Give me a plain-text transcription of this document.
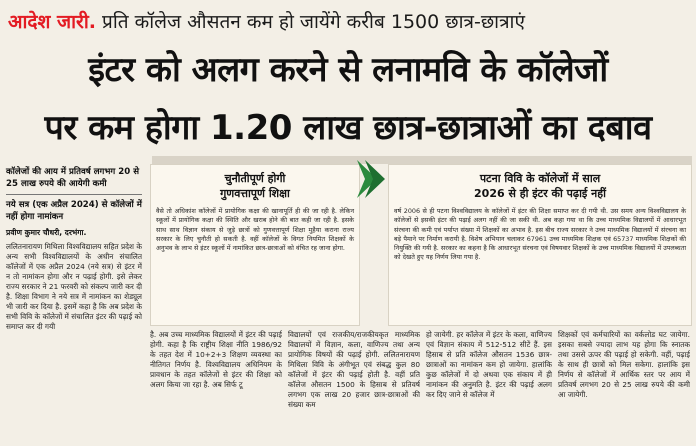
आदेश जारी. प्रति कॉलेज औसतन कम हो जायेंगे करीब 1500 छात्र-छात्राएं
इंटर को अलग करने से लनामवि के कॉलेजों
पर कम होगा 1.20 लाख छात्र-छात्राओं का दबाव
कॉलेजों की आय में प्रतिवर्ष लगभग 20 से 25 लाख रुपये की आयेगी कमी
नये सत्र (एक अप्रैल 2024) से कॉलेजों में नहीं होगा नामांकन
प्रवीण कुमार चौधरी, दरभंगा.
ललितनारायण मिथिला विश्वविद्यालय सहित प्रदेश के अन्य सभी विश्वविद्यालयों के अधीन संचालित कॉलेजों में एक अप्रैल 2024 (नये सत्र) से इंटर में न तो नामांकन होगा और न पढ़ाई होगी. इसे लेकर राज्य सरकार ने 21 फरवरी को संकल्प जारी कर दी है. शिक्षा विभाग ने नये सत्र में नामांकन का शेड्यूल भी जारी कर दिया है. इसमें कहा है कि अब प्रदेश के सभी विवि के कॉलेजों में संचालित इंटर की पढ़ाई को समाप्त कर दी गयी
चुनौतीपूर्ण होगी
गुणवत्तापूर्ण शिक्षा
वैसे तो अधिकांश कॉलेजों में प्रायोगिक कक्षा की खानापूर्ति ही की जा रही है. लेकिन स्कूलों में प्रायोगिक कक्षा की स्थिति और खराब होने की बात कही जा रही है. इसके साथ साथ विज्ञान संकाय से जुड़े छात्रों को गुणवत्तापूर्ण शिक्षा मुहैया कराना राज्य सरकार के लिए चुनौती हो सकती है. वहीं कॉलेजों के विगत नियमित शिक्षकों के अनुभव के लाभ से इंटर स्कूलों में नामांकित छात्र-छात्राओं को वंचित रह जाना होगा.
पटना विवि के कॉलेजों में साल
2026 से ही इंटर की पढ़ाई नहीं
वर्ष 2006 से ही पटना विश्वविद्यालय के कॉलेजों में इंटर की शिक्षा समाप्त कर दी गयी थी. उस समय अन्य विश्वविद्यालय के कॉलेजों से इसकी इंटर की पढ़ाई अलग नहीं की जा सकी थी. अब कहा गया था कि उच्च माध्यमिक विद्यालयों में आधारभूत संरचना की कमी एवं पर्याप्त संख्या में शिक्षकों का अभाव है. इस बीच राज्य सरकार ने उच्च माध्यमिक विद्यालयों में संरचना का बड़े पैमाने पर निर्माण करायी है. विशेष अभियान चलाकर 67961 उच्च माध्यमिक शिक्षक एवं 65737 माध्यमिक शिक्षकों की नियुक्ति की गयी है. सरकार का कहना है कि आधारभूत संरचना एवं विषयवार शिक्षकों के उच्च माध्यमिक विद्यालयों में उपलब्धता को देखते हुए यह निर्णय लिया गया है.
है. अब उच्च माध्यमिक विद्यालयों में इंटर की पढ़ाई होगी. कहा है कि राष्ट्रीय शिक्षा नीति 1986/92 के तहत देश में 10+2+3 शिक्षण व्यवस्था का नीतिगत निर्णय है. विश्वविद्यालय अधिनियम के प्रावधान के तहत कॉलेजों से इंटर की शिक्षा को अलग किया जा रहा है. अब सिर्फ टू
विद्यालयों एवं राजकीय/राजकीयकृत माध्यमिक विद्यालयों में विज्ञान, कला, वाणिज्य तथा अन्य प्रायोगिक विषयों की पढ़ाई होगी. ललितनारायण मिथिला विवि के अंगीभूत एवं संबद्ध कुल 80 कॉलेजों में इंटर की पढ़ाई होती है. वहीं प्रति कॉलेज औसतन 1500 के हिसाब से प्रतिवर्ष लगभग एक लाख 20 हजार छात्र-छात्राओं की संख्या कम
हो जायेगी. हर कॉलेज में इंटर के कला, वाणिज्य एवं विज्ञान संकाय में 512-512 सीटें हैं. इस हिसाब से प्रति कॉलेज औसतन 1536 छात्र-छात्राओं का नामांकन कम हो जायेगा. हालांकि कुछ कॉलेजों में दो अथवा एक संकाय में ही नामांकन की अनुमति है. इंटर की पढ़ाई अलग कर दिए जाने से कॉलेज में
शिक्षकों एवं कर्मचारियों का वर्कलोड घट जायेगा. इसका सबसे ज्यादा लाभ यह होगा कि स्नातक तथा उससे ऊपर की पढ़ाई हो सकेगी. वहीं, पढ़ाई के साथ ही छात्रों को मिल सकेगा. हालांकि इस निर्णय से कॉलेजों में आर्थिक स्तर पर आय में प्रतिवर्ष लगभग 20 से 25 लाख रुपये की कमी आ जायेगी.
